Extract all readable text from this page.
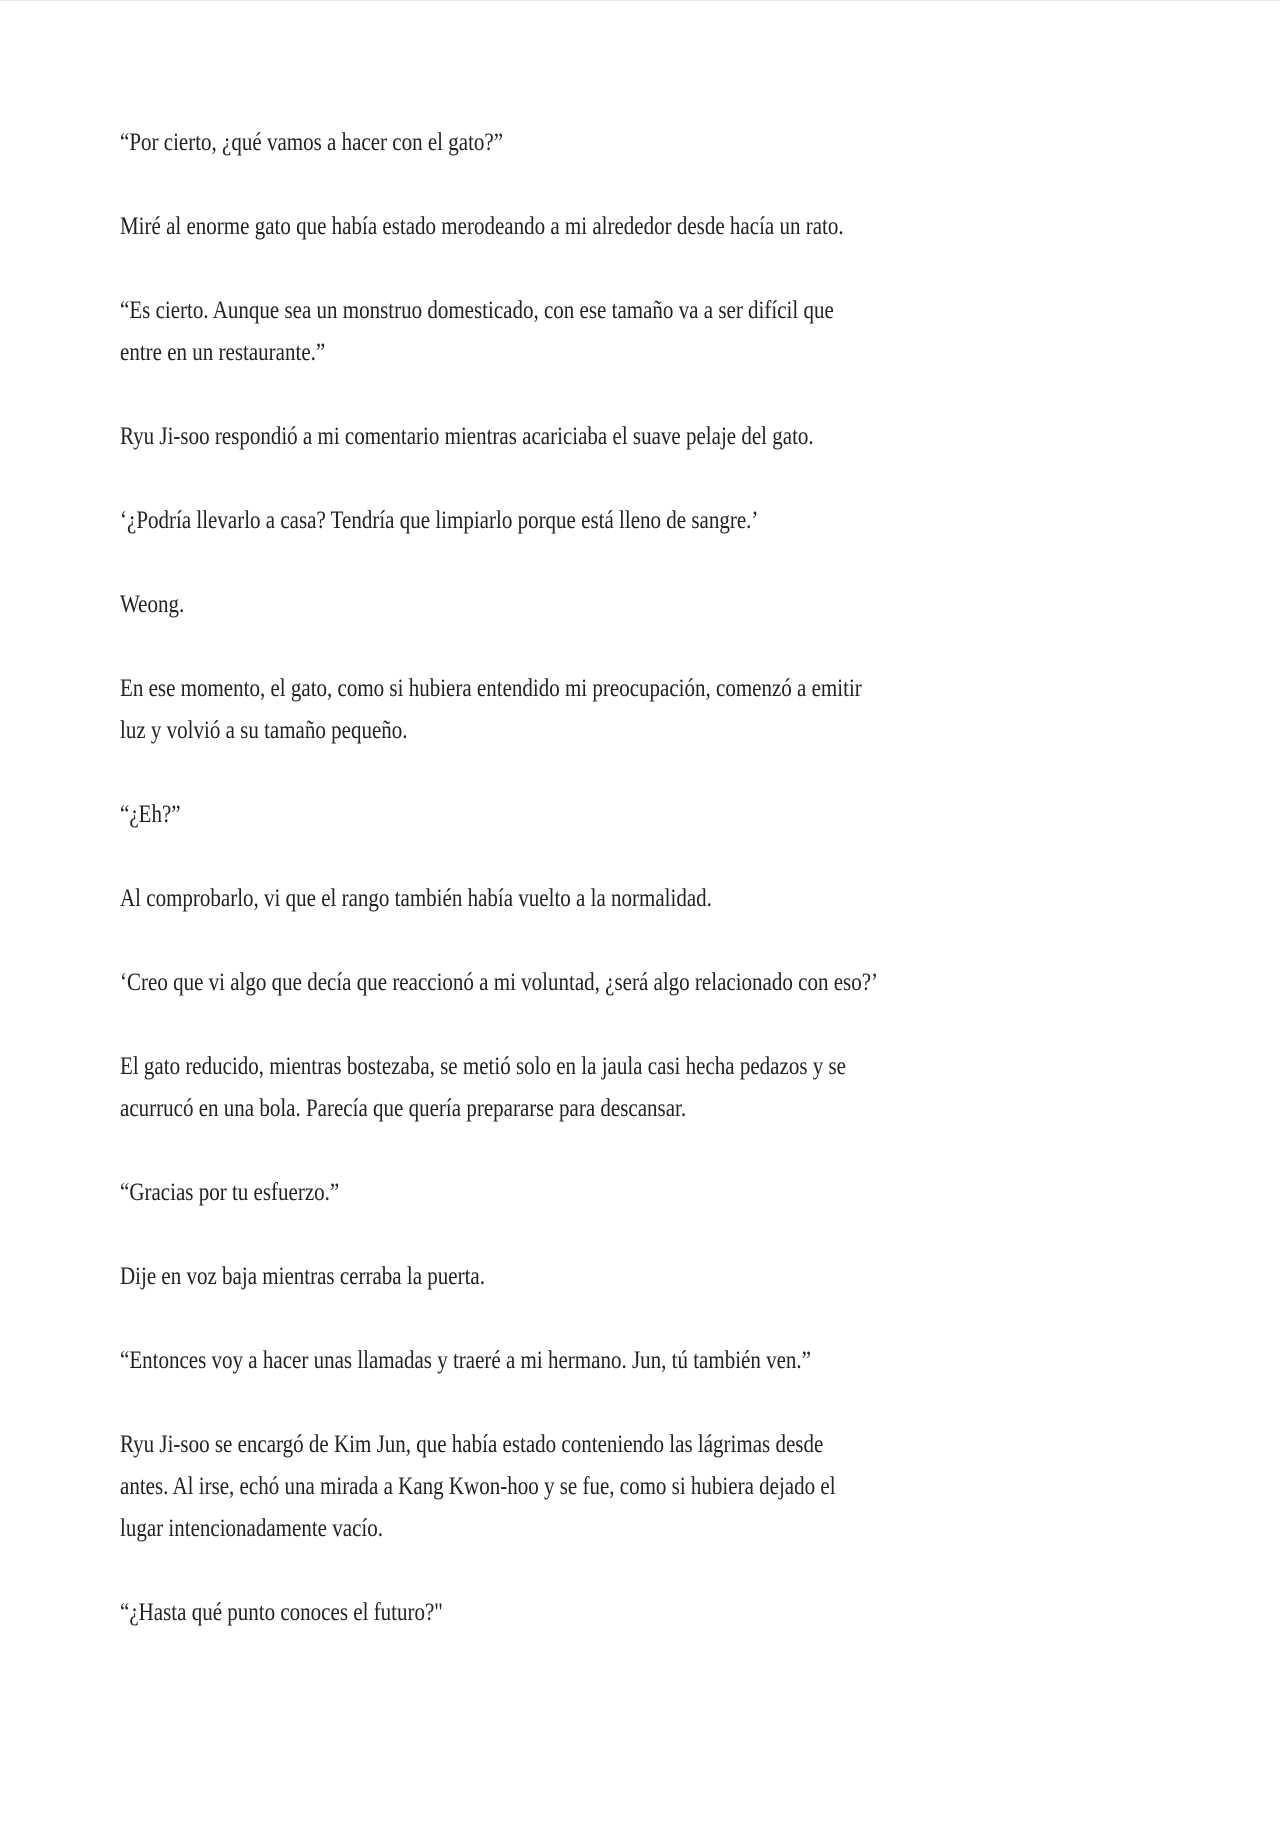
“Por cierto, ¿qué vamos a hacer con el gato?”

Miré al enorme gato que había estado merodeando a mi alrededor desde hacía un rato.

“Es cierto. Aunque sea un monstruo domesticado, con ese tamaño va a ser difícil que
entre en un restaurante.”

Ryu Ji-soo respondió a mi comentario mientras acariciaba el suave pelaje del gato.

‘¿Podría llevarlo a casa? Tendría que limpiarlo porque está lleno de sangre.’

Weong.

En ese momento, el gato, como si hubiera entendido mi preocupación, comenzó a emitir
luz y volvió a su tamaño pequeño.

“¿Eh?”

Al comprobarlo, vi que el rango también había vuelto a la normalidad.

‘Creo que vi algo que decía que reaccionó a mi voluntad, ¿será algo relacionado con eso?’

El gato reducido, mientras bostezaba, se metió solo en la jaula casi hecha pedazos y se
acurrucó en una bola. Parecía que quería prepararse para descansar.

“Gracias por tu esfuerzo.”

Dije en voz baja mientras cerraba la puerta.

“Entonces voy a hacer unas llamadas y traeré a mi hermano. Jun, tú también ven.”

Ryu Ji-soo se encargó de Kim Jun, que había estado conteniendo las lágrimas desde
antes. Al irse, echó una mirada a Kang Kwon-hoo y se fue, como si hubiera dejado el
lugar intencionadamente vacío.

“¿Hasta qué punto conoces el futuro?"
